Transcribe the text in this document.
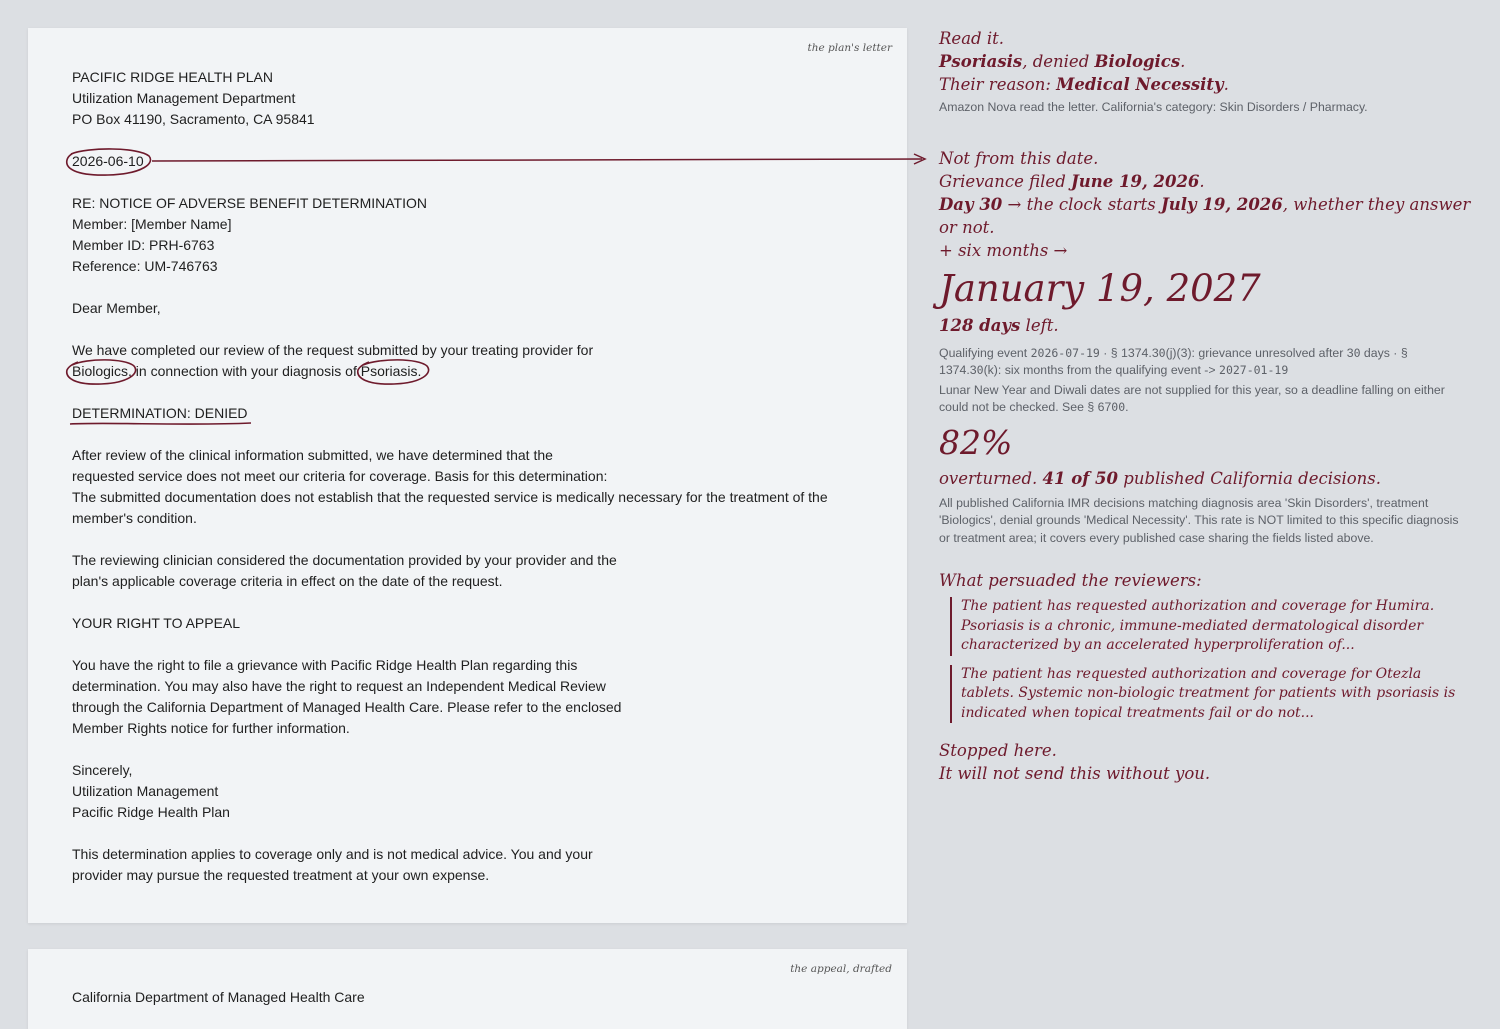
the plan's letter

PACIFIC RIDGE HEALTH PLAN
Utilization Management Department
PO Box 41190, Sacramento, CA 95841

2026-06-10

RE: NOTICE OF ADVERSE BENEFIT DETERMINATION
Member: [Member Name]
Member ID: PRH-6763
Reference: UM-746763

Dear Member,

We have completed our review of the request submitted by your treating provider for
Biologics, in connection with your diagnosis of
Psoriasis.

DETERMINATION: DENIED

After review of the clinical information submitted, we have determined that the
requested service does not meet our criteria for coverage. Basis for this determination:
The submitted documentation does not establish that the requested service is medically necessary for the treatment of the member's condition.

The reviewing clinician considered the documentation provided by your provider and the
plan's applicable coverage criteria in effect on the date of the request.

YOUR RIGHT TO APPEAL

You have the right to file a grievance with Pacific Ridge Health Plan regarding this
determination. You may also have the right to request an Independent Medical Review
through the California Department of Managed Health Care. Please refer to the enclosed
Member Rights notice for further information.

Sincerely,
Utilization Management
Pacific Ridge Health Plan

This determination applies to coverage only and is not medical advice. You and your
provider may pursue the requested treatment at your own expense.

the appeal, drafted
California Department of Managed Health Care
Read it.
Psoriasis, denied Biologics.
Their reason: Medical Necessity.
Amazon Nova read the letter. California's category: Skin Disorders / Pharmacy.
Not from this date.
Grievance filed June 19, 2026.
Day 30 → the clock starts July 19, 2026, whether they answer or not.
+ six months →
January 19, 2027
128 days left.
Qualifying event 2026-07-19 · § 1374.30(j)(3): grievance unresolved after 30 days · § 1374.30(k): six months from the qualifying event -> 2027-01-19
Lunar New Year and Diwali dates are not supplied for this year, so a deadline falling on either could not be checked. See § 6700.
82%
overturned. 41 of 50 published California decisions.
All published California IMR decisions matching diagnosis area 'Skin Disorders', treatment 'Biologics', denial grounds 'Medical Necessity'. This rate is NOT limited to this specific diagnosis or treatment area; it covers every published case sharing the fields listed above.
What persuaded the reviewers:
The patient has requested authorization and coverage for Humira. Psoriasis is a chronic, immune-mediated dermatological disorder characterized by an accelerated hyperproliferation of...
The patient has requested authorization and coverage for Otezla tablets. Systemic non-biologic treatment for patients with psoriasis is indicated when topical treatments fail or do not...
Stopped here.
It will not send this without you.
